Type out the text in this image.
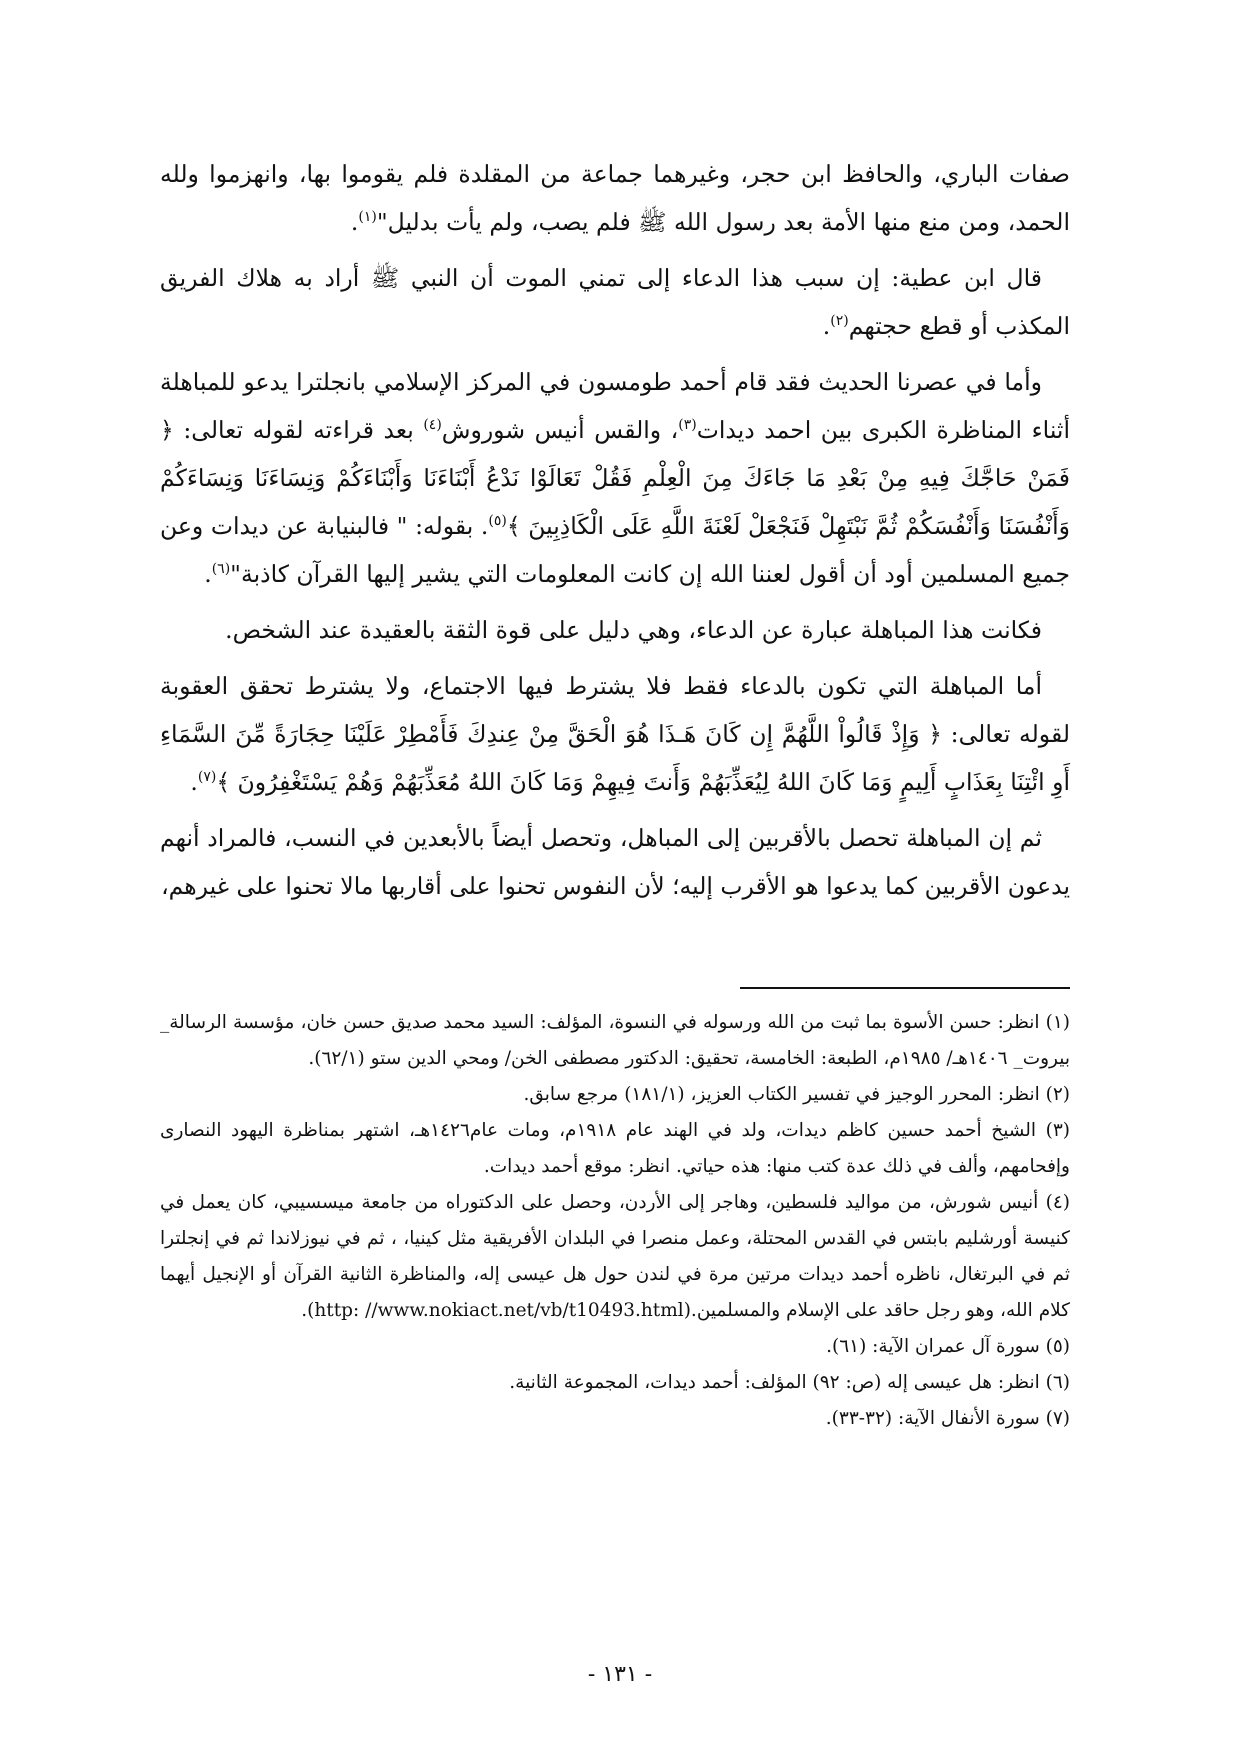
صفات الباري، والحافظ ابن حجر، وغيرهما جماعة من المقلدة فلم يقوموا بها، وانهزموا ولله الحمد، ومن منع منها الأمة بعد رسول الله ﷺ فلم يصب، ولم يأت بدليل"$^{(١)}$.

قال ابن عطية: إن سبب هذا الدعاء إلى تمني الموت أن النبي ﷺ أراد به هلاك الفريق المكذب أو قطع حجتهم$^{(٢)}$.

وأما في عصرنا الحديث فقد قام أحمد طومسون في المركز الإسلامي بانجلترا يدعو للمباهلة أثناء المناظرة الكبرى بين احمد ديدات$^{(٣)}$، والقس أنيس شوروش$^{(٤)}$ بعد قراءته لقوله تعالى: ﴿ فَمَنْ حَاجَّكَ فِيهِ مِنْ بَعْدِ مَا جَاءَكَ مِنَ الْعِلْمِ فَقُلْ تَعَالَوْا نَدْعُ أَبْنَاءَنَا وَأَبْنَاءَكُمْ وَنِسَاءَنَا وَنِسَاءَكُمْ وَأَنْفُسَنَا وَأَنْفُسَكُمْ ثُمَّ نَبْتَهِلْ فَنَجْعَلْ لَعْنَةَ اللَّهِ عَلَى الْكَاذِبِينَ ﴾$^{(٥)}$. بقوله: " فالبنيابة عن ديدات وعن جميع المسلمين أود أن أقول لعننا الله إن كانت المعلومات التي يشير إليها القرآن كاذبة"$^{(٦)}$.

فكانت هذا المباهلة عبارة عن الدعاء، وهي دليل على قوة الثقة بالعقيدة عند الشخص.

أما المباهلة التي تكون بالدعاء فقط فلا يشترط فيها الاجتماع، ولا يشترط تحقق العقوبة لقوله تعالى: ﴿ وَإِذْ قَالُواْ اللَّهُمَّ إِن كَانَ هَـذَا هُوَ الْحَقَّ مِنْ عِندِكَ فَأَمْطِرْ عَلَيْنَا حِجَارَةً مِّنَ السَّمَاءِ أَوِ ائْتِنَا بِعَذَابٍ أَلِيمٍ وَمَا كَانَ اللهُ لِيُعَذِّبَهُمْ وَأَنتَ فِيهِمْ وَمَا كَانَ اللهُ مُعَذِّبَهُمْ وَهُمْ يَسْتَغْفِرُونَ ﴾$^{(٧)}$.

ثم إن المباهلة تحصل بالأقربين إلى المباهل، وتحصل أيضاً بالأبعدين في النسب، فالمراد أنهم يدعون الأقربين كما يدعوا هو الأقرب إليه؛ لأن النفوس تحنوا على أقاربها مالا تحنوا على غيرهم،

(١) انظر: حسن الأسوة بما ثبت من الله ورسوله في النسوة، المؤلف: السيد محمد صديق حسن خان، مؤسسة الرسالة_ بيروت_ ١٤٠٦هـ/ ١٩٨٥م، الطبعة: الخامسة، تحقيق: الدكتور مصطفى الخن/ ومحي الدين ستو (٦٢/١).

(٢) انظر: المحرر الوجيز في تفسير الكتاب العزيز، (١٨١/١) مرجع سابق.

(٣) الشيخ أحمد حسين كاظم ديدات، ولد في الهند عام ١٩١٨م، ومات عام١٤٢٦هـ، اشتهر بمناظرة اليهود النصارى وإفحامهم، وألف في ذلك عدة كتب منها: هذه حياتي. انظر: موقع أحمد ديدات.

(٤) أنيس شورش، من مواليد فلسطين، وهاجر إلى الأردن، وحصل على الدكتوراه من جامعة ميسسيبي، كان يعمل في كنيسة أورشليم بابتس في القدس المحتلة، وعمل منصرا في البلدان الأفريقية مثل كينيا، ، ثم في نيوزلاندا ثم في إنجلترا ثم في البرتغال، ناظره أحمد ديدات مرتين مرة في لندن حول هل عيسى إله، والمناظرة الثانية القرآن أو الإنجيل أيهما كلام الله، وهو رجل حاقد على الإسلام والمسلمين.(http: //www.nokiact.net/vb/t10493.html).

(٥) سورة آل عمران الآية: (٦١).

(٦) انظر: هل عيسى إله (ص: ٩٢) المؤلف: أحمد ديدات، المجموعة الثانية.

(٧) سورة الأنفال الآية: (٣٢-٣٣).

- ١٣١ -
